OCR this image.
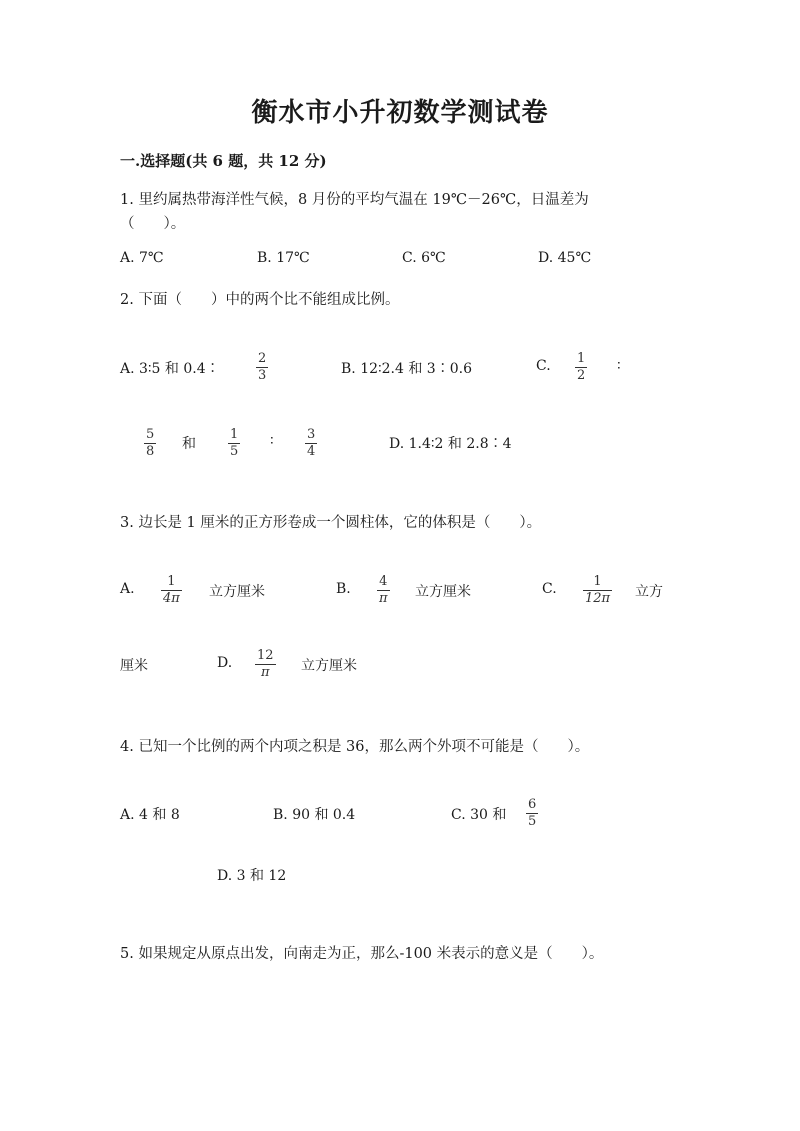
衡水市小升初数学测试卷
一.选择题(共 6 题，共 12 分)
1. 里约属热带海洋性气候，8 月份的平均气温在 19℃－26℃，日温差为
（　　）。
A. 7℃	B. 17℃	C. 6℃	D. 45℃
2. 下面（　　）中的两个比不能组成比例。
A. 3∶5 和 0.4∶
2
3	B. 12∶2.4 和 3∶0.6	C. 1
2
∶
5
8 和
1
5
∶	3
4	D. 1.4∶2 和 2.8∶4
3. 边长是 1 厘米的正方形卷成一个圆柱体，它的体积是（　　）。
A.	1
4π 立方厘米	B. 4
π 立方厘米	C.	1
12π 立方
厘米	D. 12
π 立方厘米
4. 已知一个比例的两个内项之积是 36，那么两个外项不可能是（　　）。
A. 4 和 8	B. 90 和 0.4	C. 30 和
6
5
D. 3 和 12
5. 如果规定从原点出发，向南走为正，那么-100 米表示的意义是（　　）。
